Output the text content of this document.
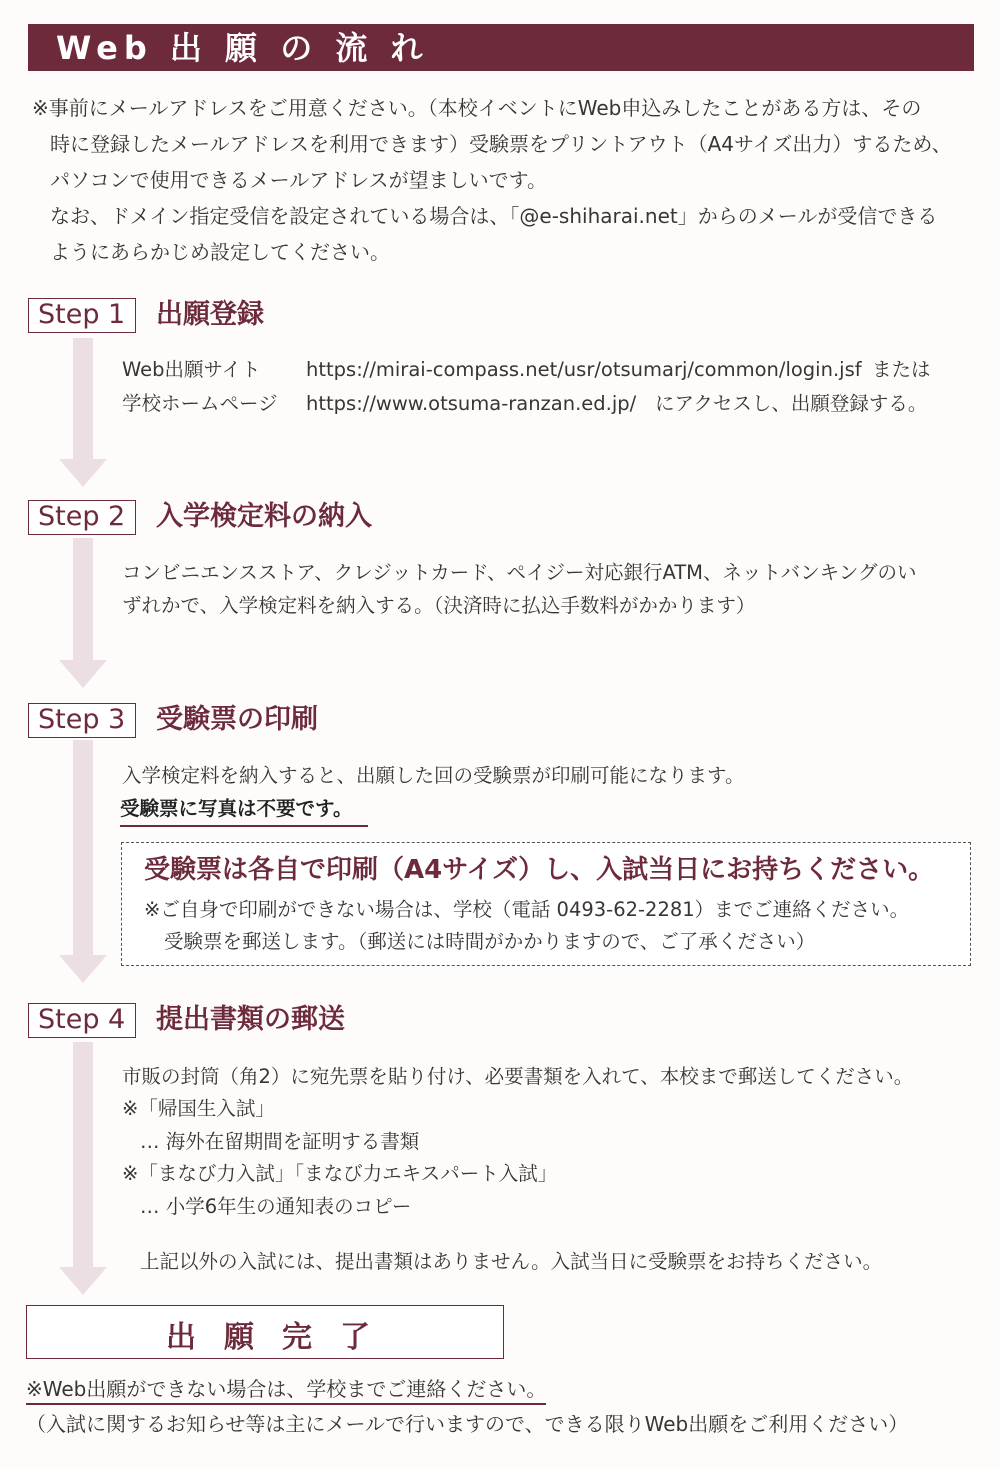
Web 出 願 の 流 れ
※事前にメールアドレスをご用意ください。（本校イベントにWeb申込みしたことがある方は、その
時に登録したメールアドレスを利用できます）受験票をプリントアウト（A4サイズ出力）するため、
パソコンで使用できるメールアドレスが望ましいです。
なお、ドメイン指定受信を設定されている場合は、「@e-shiharai.net」からのメールが受信できる
ようにあらかじめ設定してください。
Step 1	出願登録
Web出願サイト https://mirai-compass.net/usr/otsumarj/common/login.jsf または
学校ホームページ https://www.otsuma-ranzan.ed.jp/ にアクセスし、出願登録する。
Step 2	入学検定料の納入
コンビニエンスストア、クレジットカード、ペイジー対応銀行ATM、ネットバンキングのい
ずれかで、入学検定料を納入する。（決済時に払込手数料がかかります）
Step 3	受験票の印刷
入学検定料を納入すると、出願した回の受験票が印刷可能になります。
受験票に写真は不要です。
受験票は各自で印刷（A4サイズ）し、入試当日にお持ちください。
※ご自身で印刷ができない場合は、学校（電話 0493-62-2281）までご連絡ください。
受験票を郵送します。（郵送には時間がかかりますので、ご了承ください）
Step 4	提出書類の郵送
市販の封筒（角2）に宛先票を貼り付け、必要書類を入れて、本校まで郵送してください。
※「帰国生入試」
… 海外在留期間を証明する書類
※「まなび力入試」「まなび力エキスパート入試」
… 小学6年生の通知表のコピー
上記以外の入試には、提出書類はありません。入試当日に受験票をお持ちください。
出願完了
※Web出願ができない場合は、学校までご連絡ください。
（入試に関するお知らせ等は主にメールで行いますので、できる限りWeb出願をご利用ください）
